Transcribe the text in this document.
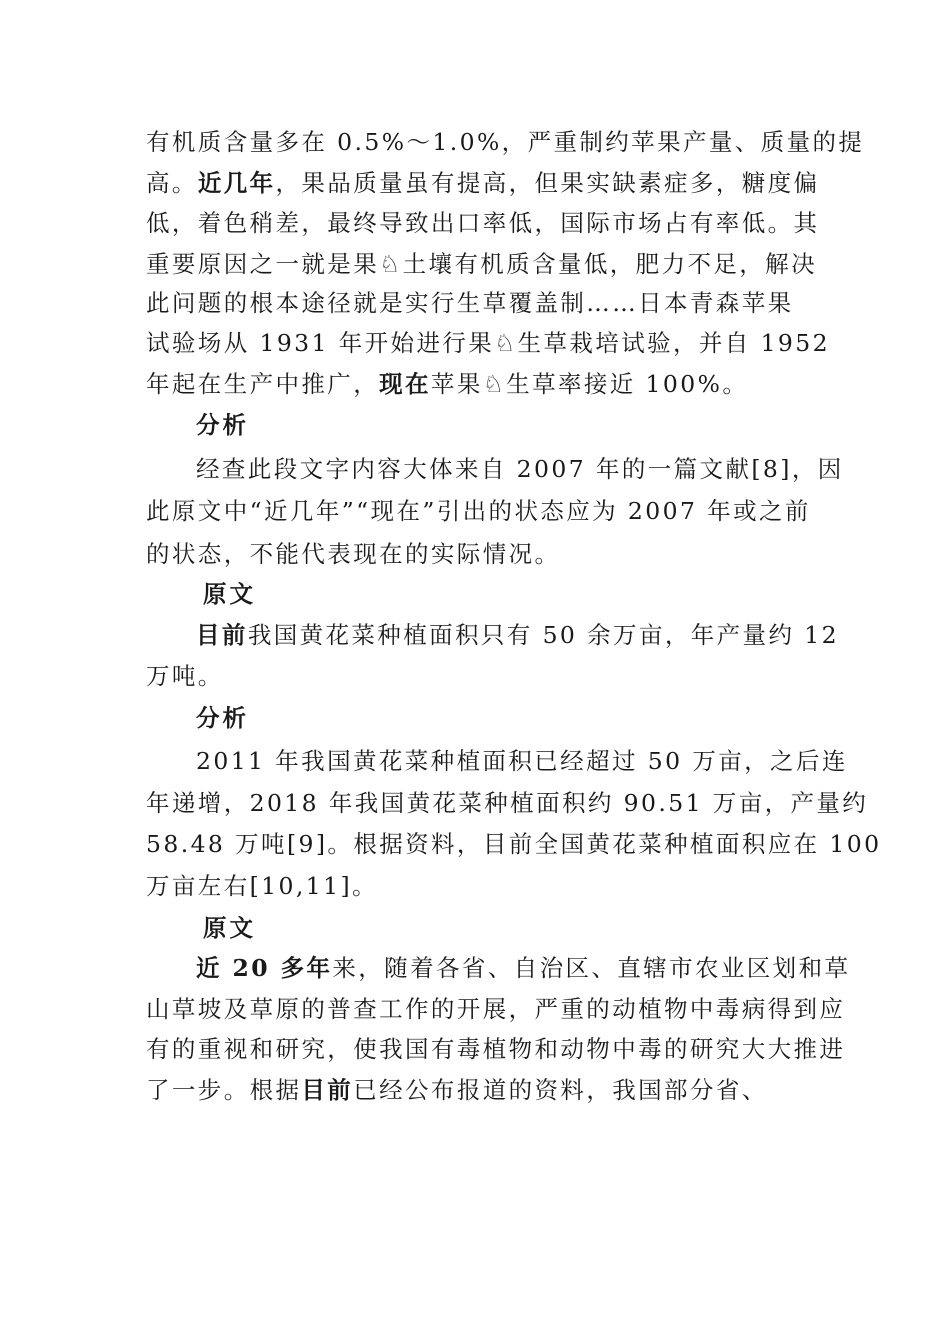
有机质含量多在 0.5%～1.0%，严重制约苹果产量、质量的提
高。近几年，果品质量虽有提高，但果实缺素症多，糖度偏
低，着色稍差，最终导致出口率低，国际市场占有率低。其
重要原因之一就是果♘土壤有机质含量低，肥力不足，解决
此问题的根本途径就是实行生草覆盖制……日本青森苹果
试验场从 1931 年开始进行果♘生草栽培试验，并自 1952
年起在生产中推广，现在苹果♘生草率接近 100%。
分析
经查此段文字内容大体来自 2007 年的一篇文献[8]，因
此原文中“近几年”“现在”引出的状态应为 2007 年或之前
的状态，不能代表现在的实际情况。
原文
目前我国黄花菜种植面积只有 50 余万亩，年产量约 12
万吨。
分析
2011 年我国黄花菜种植面积已经超过 50 万亩，之后连
年递增，2018 年我国黄花菜种植面积约 90.51 万亩，产量约
58.48 万吨[9]。根据资料，目前全国黄花菜种植面积应在 100
万亩左右[10,11]。
原文
近 20 多年来，随着各省、自治区、直辖市农业区划和草
山草坡及草原的普查工作的开展，严重的动植物中毒病得到应
有的重视和研究，使我国有毒植物和动物中毒的研究大大推进
了一步。根据目前已经公布报道的资料，我国部分省、
